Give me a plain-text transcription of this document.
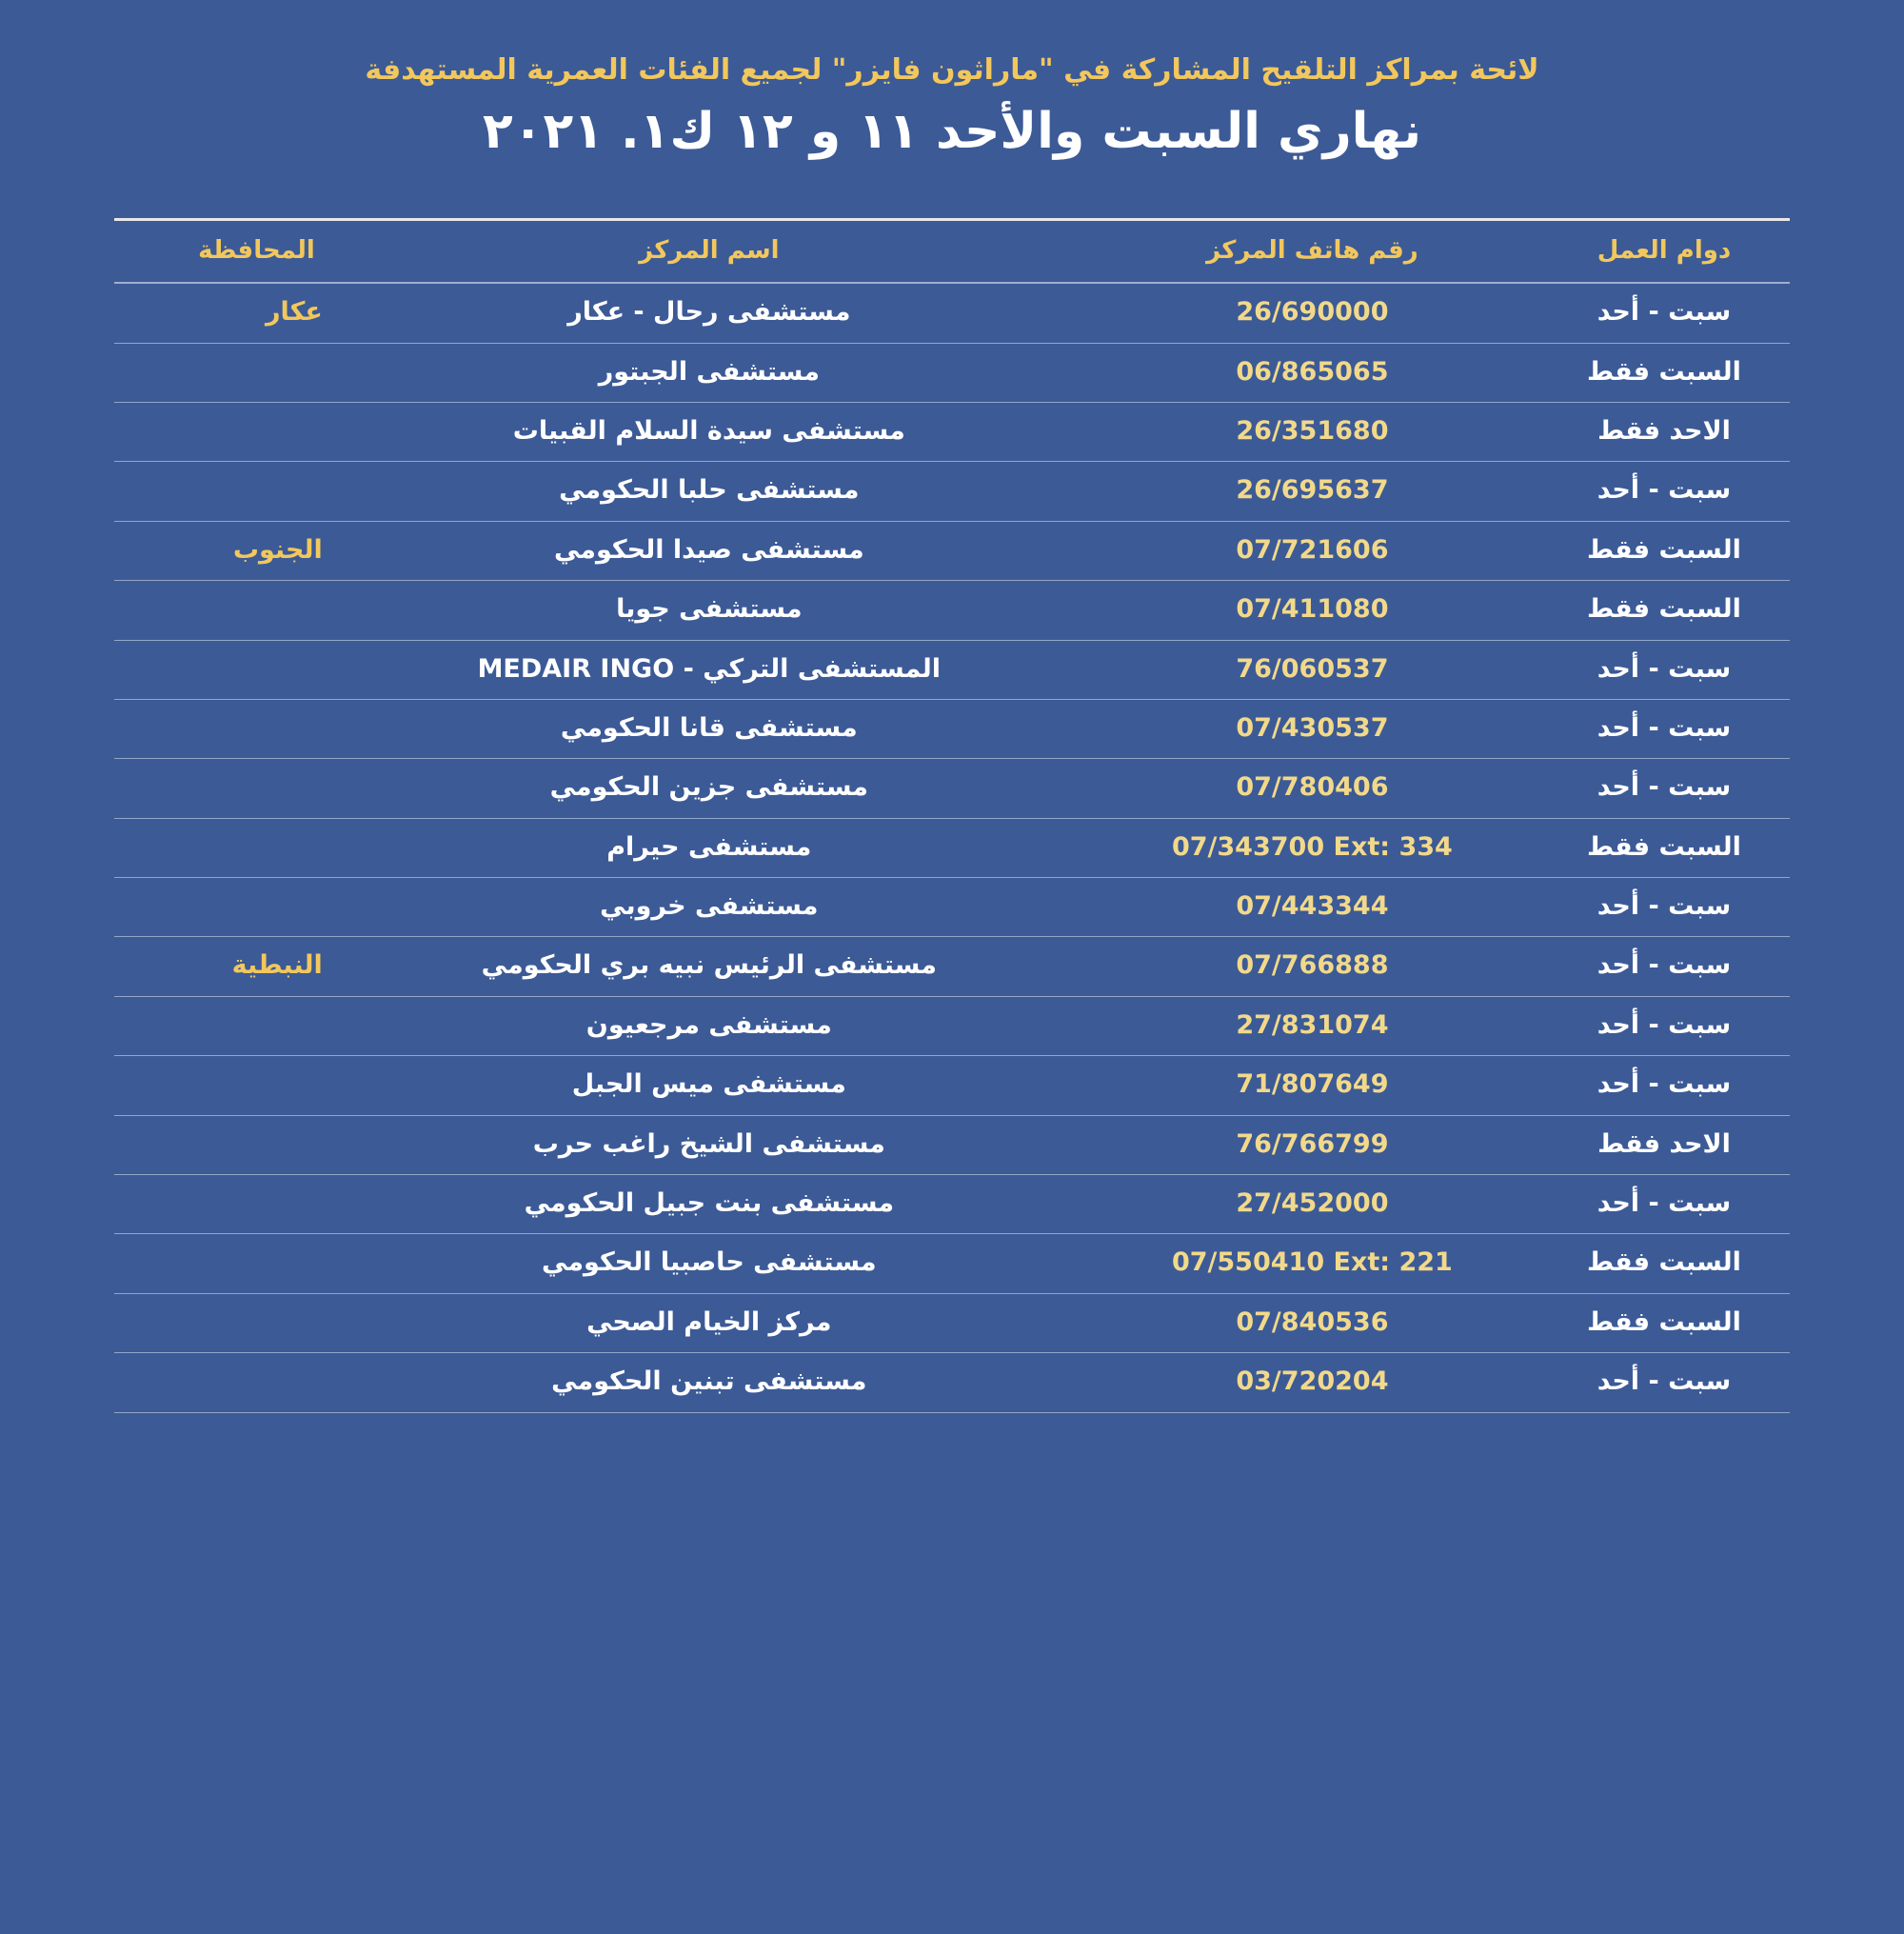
لائحة بمراكز التلقيح المشاركة في "ماراثون فايزر" لجميع الفئات العمرية المستهدفة
نهاري السبت والأحد ١١ و ١٢ ك١. ٢٠٢١
دوام العمل	رقم هاتف المركز	اسم المركز	المحافظة
سبت - أحد	26/690000	مستشفى رحال - عكار	عكار
السبت فقط	06/865065	مستشفى الجبتور	
الاحد فقط	26/351680	مستشفى سيدة السلام القبيات	
سبت - أحد	26/695637	مستشفى حلبا الحكومي	
السبت فقط	07/721606	مستشفى صيدا الحكومي	الجنوب
السبت فقط	07/411080	مستشفى جويا	
سبت - أحد	76/060537	المستشفى التركي - MEDAIR INGO	
سبت - أحد	07/430537	مستشفى قانا الحكومي	
سبت - أحد	07/780406	مستشفى جزين الحكومي	
السبت فقط	07/343700 Ext: 334	مستشفى حيرام	
سبت - أحد	07/443344	مستشفى خروبي	
سبت - أحد	07/766888	مستشفى الرئيس نبيه بري الحكومي	النبطية
سبت - أحد	27/831074	مستشفى مرجعيون	
سبت - أحد	71/807649	مستشفى ميس الجبل	
الاحد فقط	76/766799	مستشفى الشيخ راغب حرب	
سبت - أحد	27/452000	مستشفى بنت جبيل الحكومي	
السبت فقط	07/550410 Ext: 221	مستشفى حاصبيا الحكومي	
السبت فقط	07/840536	مركز الخيام الصحي	
سبت - أحد	03/720204	مستشفى تبنين الحكومي	
